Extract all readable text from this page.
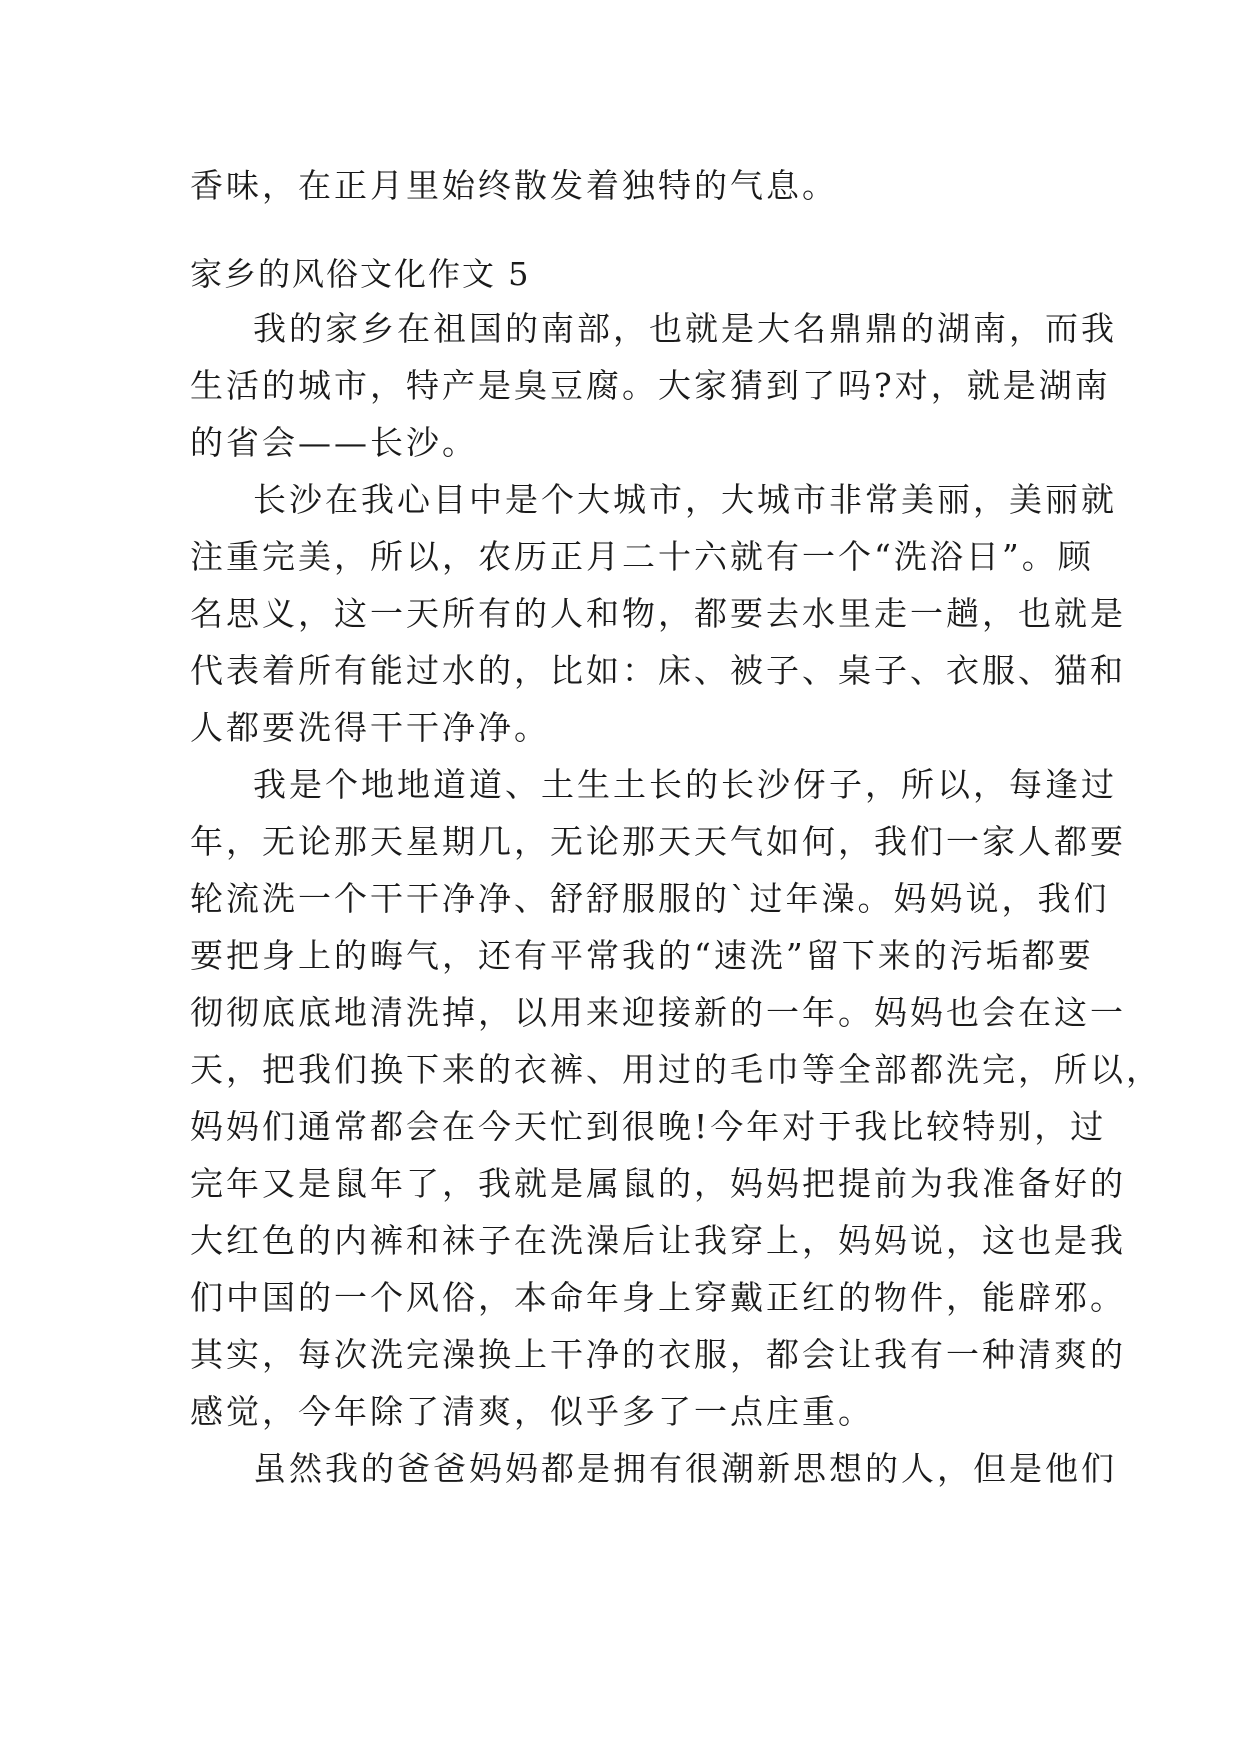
香味，在正月里始终散发着独特的气息。
家乡的风俗文化作文 5
我的家乡在祖国的南部，也就是大名鼎鼎的湖南，而我
生活的城市，特产是臭豆腐。大家猜到了吗?对，就是湖南
的省会——长沙。
长沙在我心目中是个大城市，大城市非常美丽，美丽就
注重完美，所以，农历正月二十六就有一个“洗浴日”。顾
名思义，这一天所有的人和物，都要去水里走一趟，也就是
代表着所有能过水的，比如：床、被子、桌子、衣服、猫和
人都要洗得干干净净。
我是个地地道道、土生土长的长沙伢子，所以，每逢过
年，无论那天星期几，无论那天天气如何，我们一家人都要
轮流洗一个干干净净、舒舒服服的`过年澡。妈妈说，我们
要把身上的晦气，还有平常我的“速洗”留下来的污垢都要
彻彻底底地清洗掉，以用来迎接新的一年。妈妈也会在这一
天，把我们换下来的衣裤、用过的毛巾等全部都洗完，所以，
妈妈们通常都会在今天忙到很晚!今年对于我比较特别，过
完年又是鼠年了，我就是属鼠的，妈妈把提前为我准备好的
大红色的内裤和袜子在洗澡后让我穿上，妈妈说，这也是我
们中国的一个风俗，本命年身上穿戴正红的物件，能辟邪。
其实，每次洗完澡换上干净的衣服，都会让我有一种清爽的
感觉，今年除了清爽，似乎多了一点庄重。
虽然我的爸爸妈妈都是拥有很潮新思想的人，但是他们
